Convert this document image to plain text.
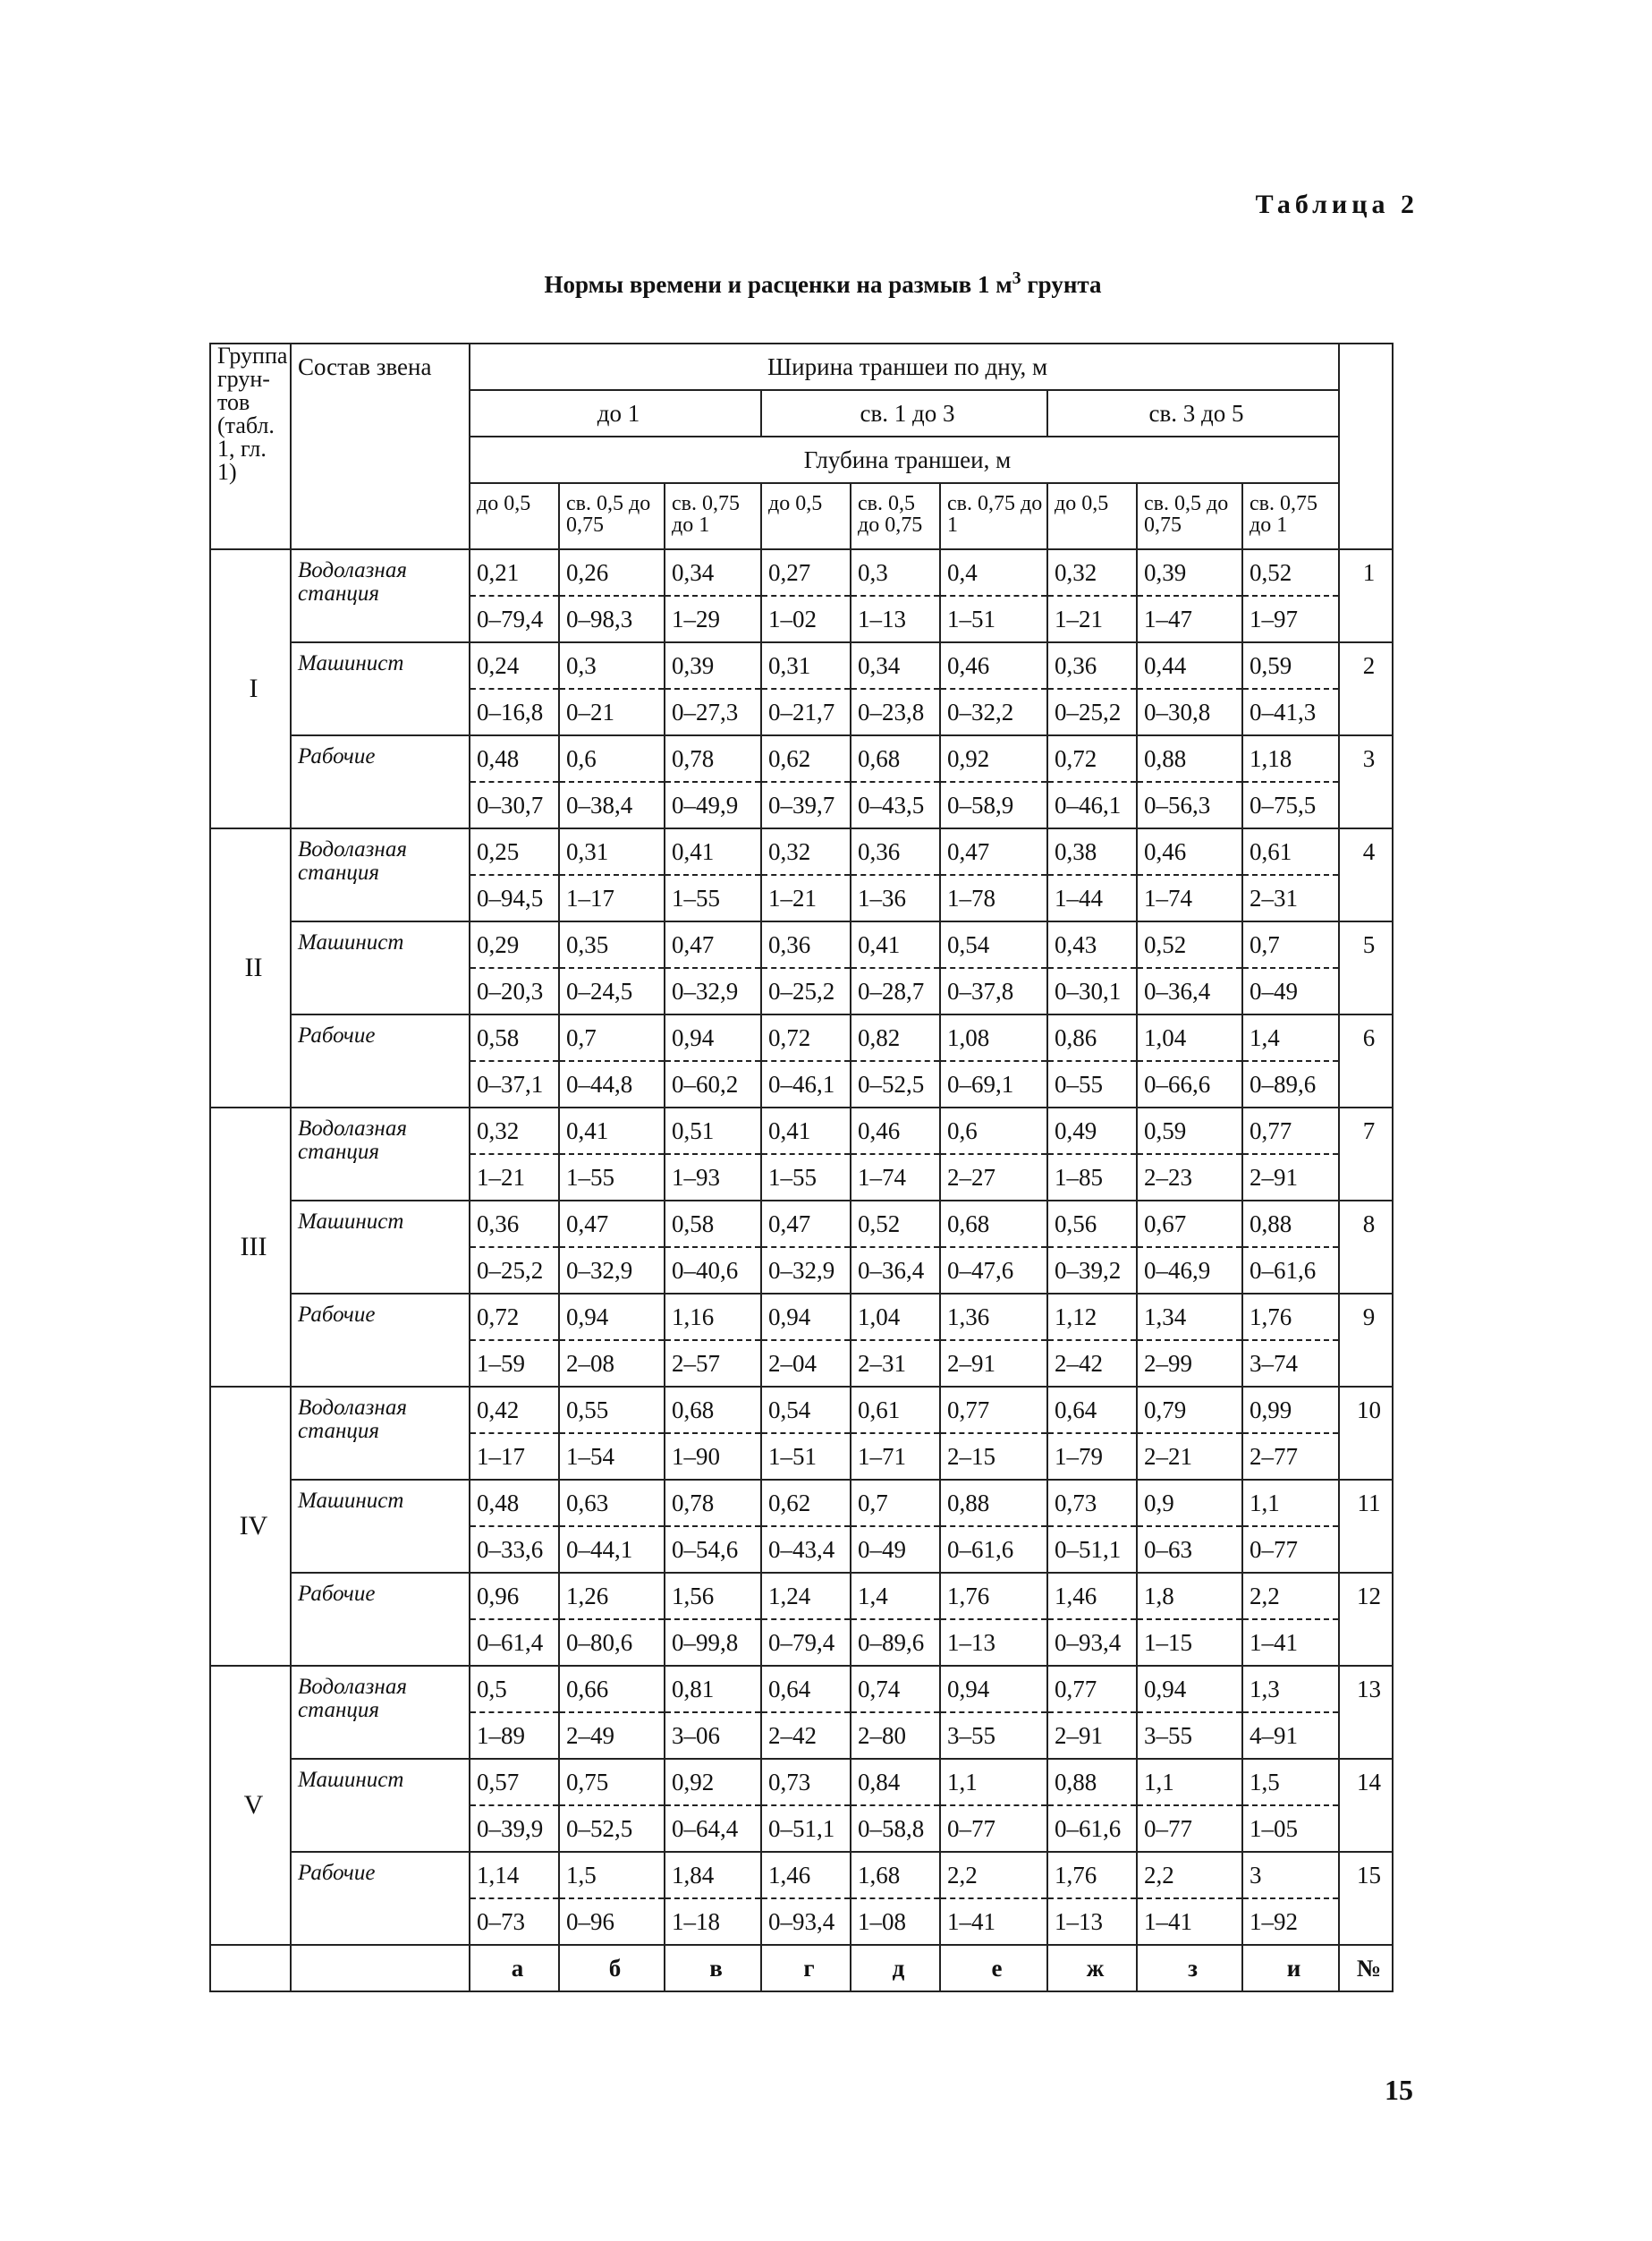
Таблица 2
Нормы времени и расценки на размыв 1 $м^3$ грунта
Группа грун- тов (табл. 1, гл. 1)	Состав звена	Ширина траншеи по дну, м									
		до 1			св. 1 до 3			св. 3 до 5			
		Глубина траншеи, м									
		до 0,5	св. 0,5 до 0,75	св. 0,75 до 1	до 0,5	св. 0,5 до 0,75	св. 0,75 до 1	до 0,5	св. 0,5 до 0,75	св. 0,75 до 1	
I	Водолазная станция	0,21	0,26	0,34	0,27	0,3	0,4	0,32	0,39	0,52	1
		0–79,4	0–98,3	1–29	1–02	1–13	1–51	1–21	1–47	1–97	
	Машинист	0,24	0,3	0,39	0,31	0,34	0,46	0,36	0,44	0,59	2
		0–16,8	0–21	0–27,3	0–21,7	0–23,8	0–32,2	0–25,2	0–30,8	0–41,3	
	Рабочие	0,48	0,6	0,78	0,62	0,68	0,92	0,72	0,88	1,18	3
		0–30,7	0–38,4	0–49,9	0–39,7	0–43,5	0–58,9	0–46,1	0–56,3	0–75,5	
II	Водолазная станция	0,25	0,31	0,41	0,32	0,36	0,47	0,38	0,46	0,61	4
		0–94,5	1–17	1–55	1–21	1–36	1–78	1–44	1–74	2–31	
	Машинист	0,29	0,35	0,47	0,36	0,41	0,54	0,43	0,52	0,7	5
		0–20,3	0–24,5	0–32,9	0–25,2	0–28,7	0–37,8	0–30,1	0–36,4	0–49	
	Рабочие	0,58	0,7	0,94	0,72	0,82	1,08	0,86	1,04	1,4	6
		0–37,1	0–44,8	0–60,2	0–46,1	0–52,5	0–69,1	0–55	0–66,6	0–89,6	
III	Водолазная станция	0,32	0,41	0,51	0,41	0,46	0,6	0,49	0,59	0,77	7
		1–21	1–55	1–93	1–55	1–74	2–27	1–85	2–23	2–91	
	Машинист	0,36	0,47	0,58	0,47	0,52	0,68	0,56	0,67	0,88	8
		0–25,2	0–32,9	0–40,6	0–32,9	0–36,4	0–47,6	0–39,2	0–46,9	0–61,6	
	Рабочие	0,72	0,94	1,16	0,94	1,04	1,36	1,12	1,34	1,76	9
		1–59	2–08	2–57	2–04	2–31	2–91	2–42	2–99	3–74	
IV	Водолазная станция	0,42	0,55	0,68	0,54	0,61	0,77	0,64	0,79	0,99	10
		1–17	1–54	1–90	1–51	1–71	2–15	1–79	2–21	2–77	
	Машинист	0,48	0,63	0,78	0,62	0,7	0,88	0,73	0,9	1,1	11
		0–33,6	0–44,1	0–54,6	0–43,4	0–49	0–61,6	0–51,1	0–63	0–77	
	Рабочие	0,96	1,26	1,56	1,24	1,4	1,76	1,46	1,8	2,2	12
		0–61,4	0–80,6	0–99,8	0–79,4	0–89,6	1–13	0–93,4	1–15	1–41	
V	Водолазная станция	0,5	0,66	0,81	0,64	0,74	0,94	0,77	0,94	1,3	13
		1–89	2–49	3–06	2–42	2–80	3–55	2–91	3–55	4–91	
	Машинист	0,57	0,75	0,92	0,73	0,84	1,1	0,88	1,1	1,5	14
		0–39,9	0–52,5	0–64,4	0–51,1	0–58,8	0–77	0–61,6	0–77	1–05	
	Рабочие	1,14	1,5	1,84	1,46	1,68	2,2	1,76	2,2	3	15
		0–73	0–96	1–18	0–93,4	1–08	1–41	1–13	1–41	1–92	
		а	б	в	г	д	е	ж	з	и	№
15
